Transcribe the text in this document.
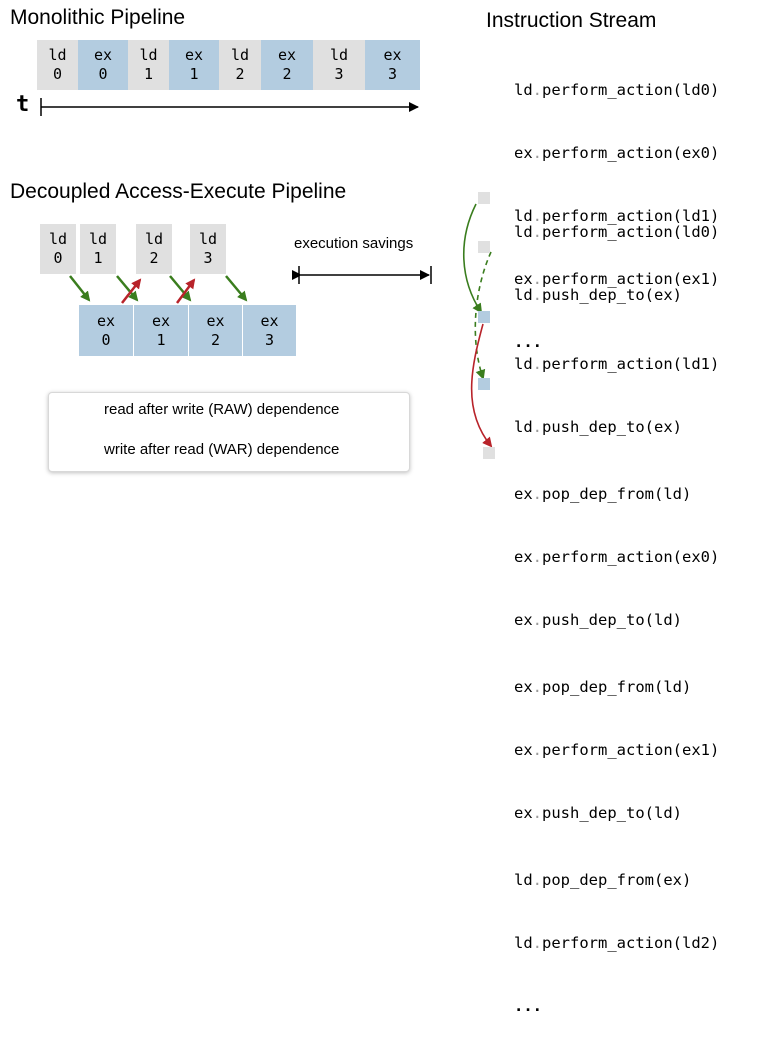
Monolithic Pipeline
Decoupled Access-Execute Pipeline
Instruction Stream
ld
0
ex
0
ld
1
ex
1
ld
2
ex
2
ld
3
ex
3
t
ld
0
ld
1
ld
2
ld
3
ex
0
ex
1
ex
2
ex
3
execution savings
read after write (RAW) dependence
write after read (WAR) dependence

ld.perform_action(ld0)

ex.perform_action(ex0)

ld.perform_action(ld1)

ex.perform_action(ex1)

...

ld.perform_action(ld0)

ld.push_dep_to(ex)

ld.perform_action(ld1)

ld.push_dep_to(ex)

ex.pop_dep_from(ld)

ex.perform_action(ex0)

ex.push_dep_to(ld)

ex.pop_dep_from(ld)

ex.perform_action(ex1)

ex.push_dep_to(ld)

ld.pop_dep_from(ex)

ld.perform_action(ld2)

...
